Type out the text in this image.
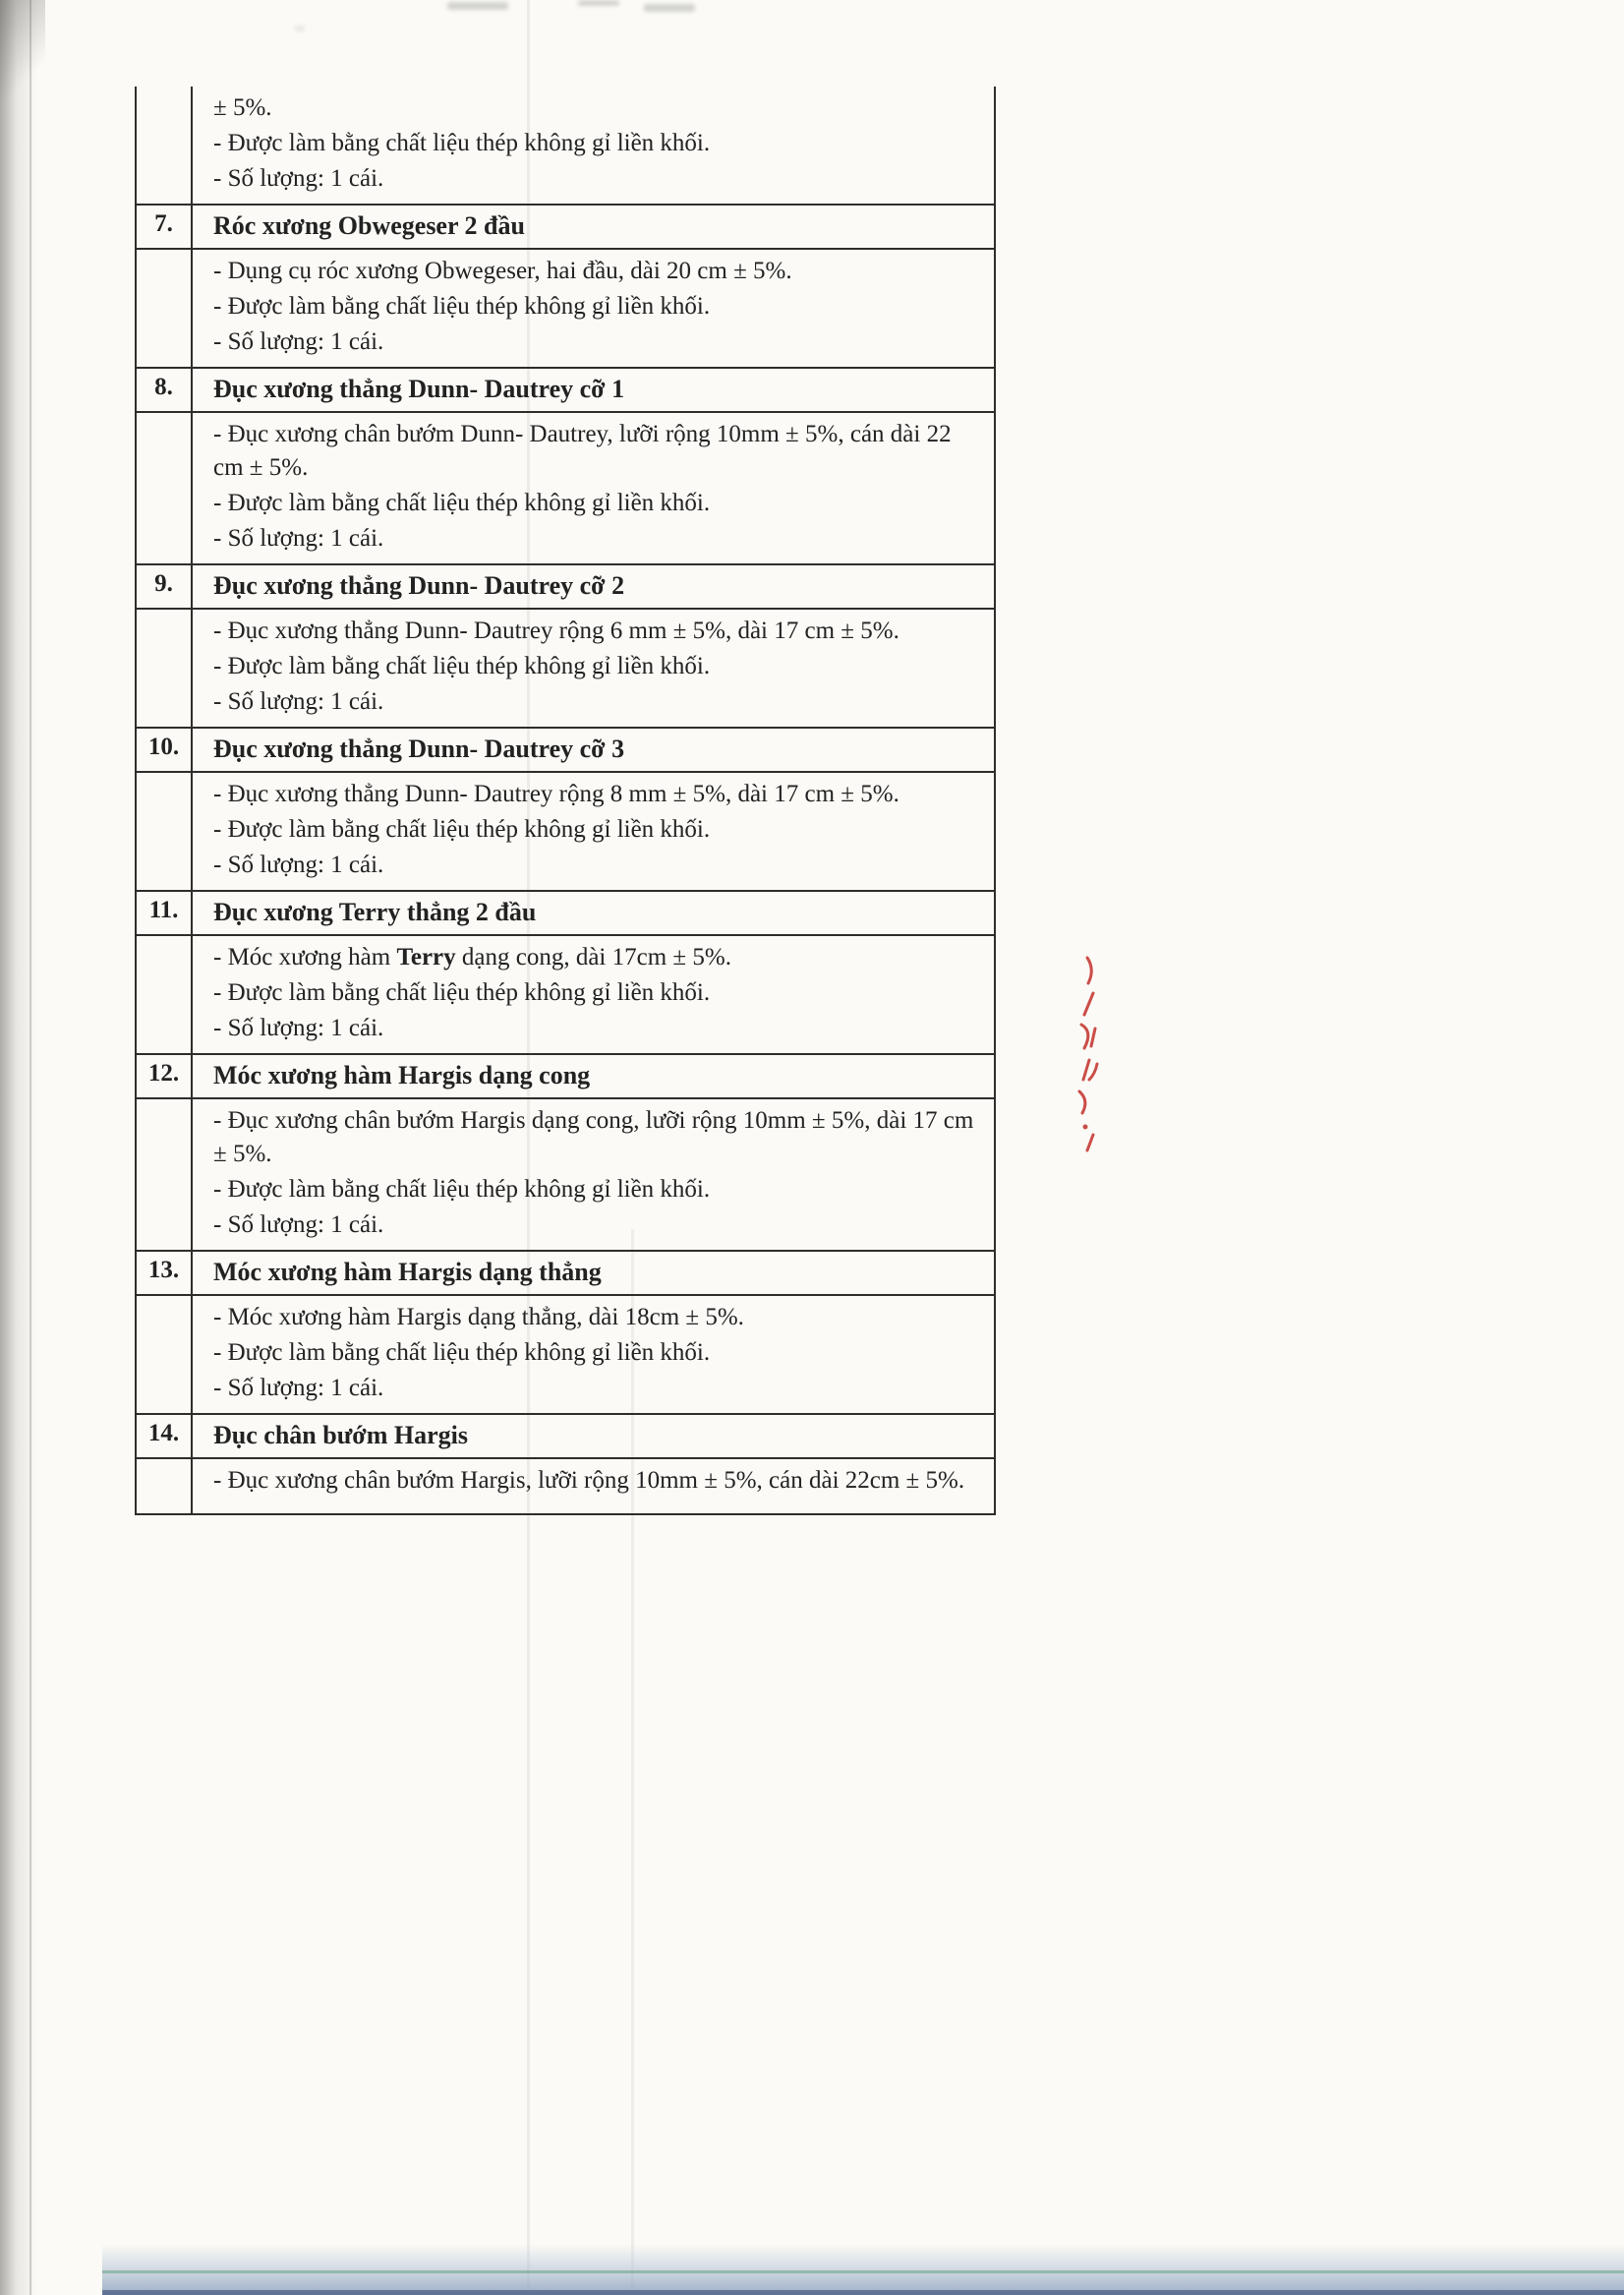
	± 5%.

- Được làm bằng chất liệu thép không gỉ liền khối.

- Số lượng: 1 cái.

7.	Róc xương Obwegeser 2 đầu

	- Dụng cụ róc xương Obwegeser, hai đầu, dài 20 cm ± 5%.

- Được làm bằng chất liệu thép không gỉ liền khối.

- Số lượng: 1 cái.

8.	Đục xương thẳng Dunn- Dautrey cỡ 1

	- Đục xương chân bướm Dunn- Dautrey, lưỡi rộng 10mm ± 5%, cán dài 22 cm ± 5%.

- Được làm bằng chất liệu thép không gỉ liền khối.

- Số lượng: 1 cái.

9.	Đục xương thẳng Dunn- Dautrey cỡ 2

	- Đục xương thẳng Dunn- Dautrey rộng 6 mm ± 5%, dài 17 cm ± 5%.

- Được làm bằng chất liệu thép không gỉ liền khối.

- Số lượng: 1 cái.

10.	Đục xương thẳng Dunn- Dautrey cỡ 3

	- Đục xương thẳng Dunn- Dautrey rộng 8 mm ± 5%, dài 17 cm ± 5%.

- Được làm bằng chất liệu thép không gỉ liền khối.

- Số lượng: 1 cái.

11.	Đục xương Terry thẳng 2 đầu

	- Móc xương hàm Terry dạng cong, dài 17cm ± 5%.

- Được làm bằng chất liệu thép không gỉ liền khối.

- Số lượng: 1 cái.

12.	Móc xương hàm Hargis dạng cong

	- Đục xương chân bướm Hargis dạng cong, lưỡi rộng 10mm ± 5%, dài 17 cm ± 5%.

- Được làm bằng chất liệu thép không gỉ liền khối.

- Số lượng: 1 cái.

13.	Móc xương hàm Hargis dạng thẳng

	- Móc xương hàm Hargis dạng thẳng, dài 18cm ± 5%.

- Được làm bằng chất liệu thép không gỉ liền khối.

- Số lượng: 1 cái.

14.	Đục chân bướm Hargis

	- Đục xương chân bướm Hargis, lưỡi rộng 10mm ± 5%, cán dài 22cm ± 5%.
